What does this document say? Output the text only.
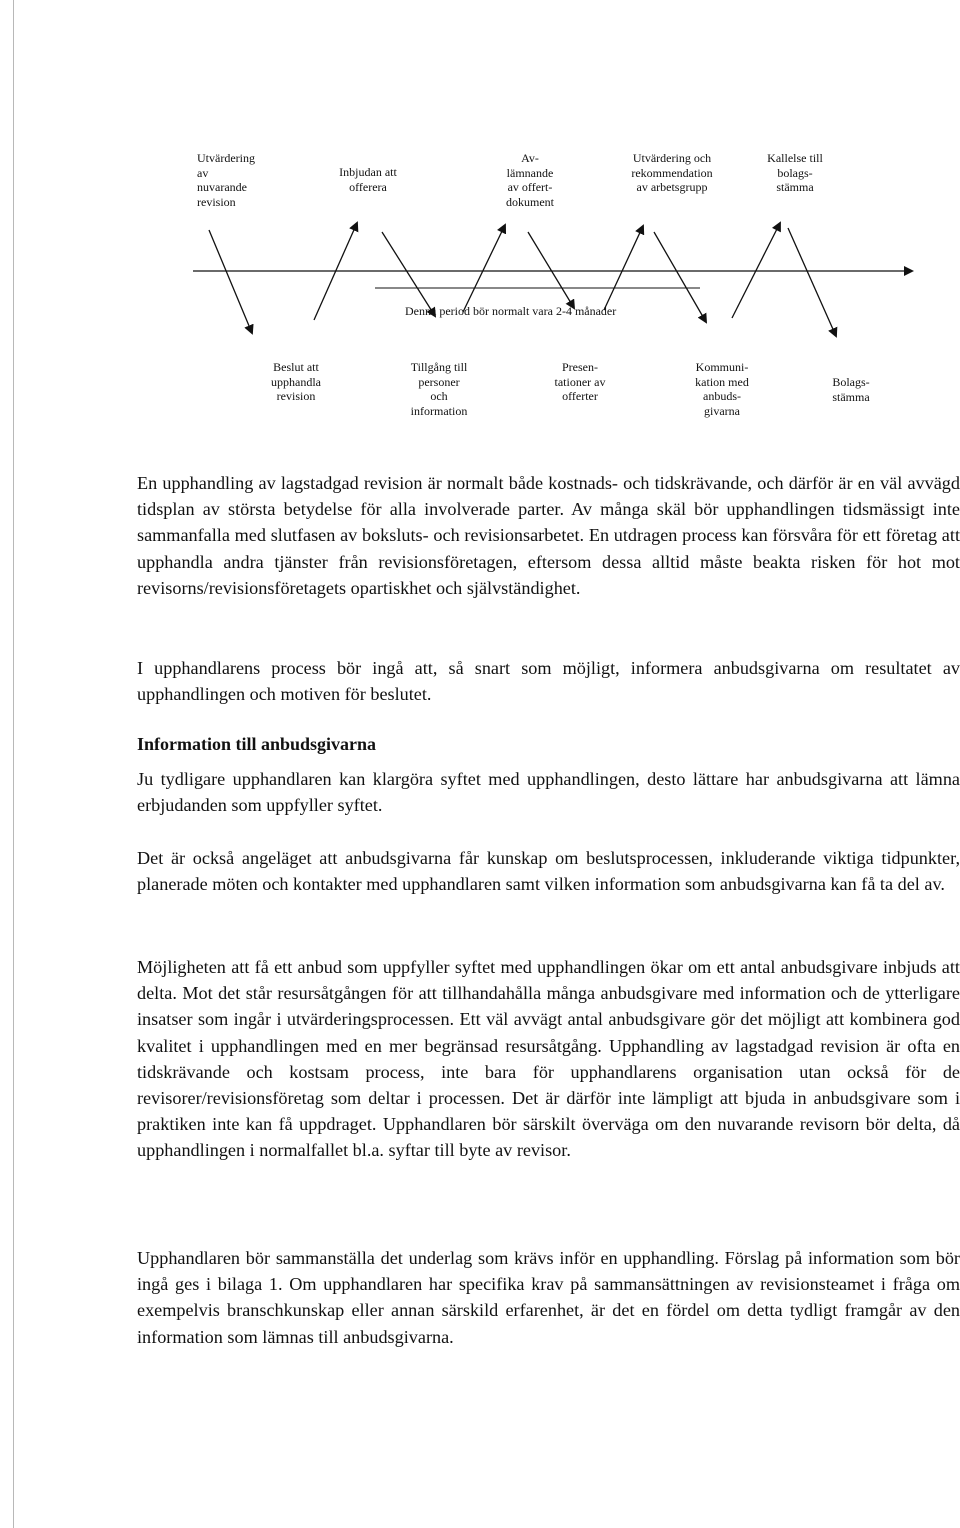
Utvärdering
av
nuvarande
revision
Inbjudan att
offerera
Av-
lämnande
av offert-
dokument
Utvärdering och
rekommendation
av arbetsgrupp
Kallelse till
bolags-
stämma
Denna period bör normalt vara 2-4 månader
Beslut att
upphandla
revision
Tillgång till
personer
och
information
Presen-
tationer av
offerter
Kommuni-
kation med
anbuds-
givarna
Bolags-
stämma

En upphandling av lagstadgad revision är normalt både kostnads- och tidskrävande, och därför är en väl avvägd tidsplan av största betydelse för alla involverade parter. Av många skäl bör upphandlingen tidsmässigt inte sammanfalla med slutfasen av boksluts- och revisionsarbetet. En utdragen process kan försvåra för ett företag att upphandla andra tjänster från revisionsföretagen, eftersom dessa alltid måste beakta risken för hot mot revisorns/revisionsföretagets opartiskhet och självständighet.

I upphandlarens process bör ingå att, så snart som möjligt, informera anbudsgivarna om resultatet av upphandlingen och motiven för beslutet.

Information till anbudsgivarna

Ju tydligare upphandlaren kan klargöra syftet med upphandlingen, desto lättare har anbudsgivarna att lämna erbjudanden som uppfyller syftet.

Det är också angeläget att anbudsgivarna får kunskap om beslutsprocessen, inkluderande viktiga tidpunkter, planerade möten och kontakter med upphandlaren samt vilken information som anbudsgivarna kan få ta del av.

Möjligheten att få ett anbud som uppfyller syftet med upphandlingen ökar om ett antal anbudsgivare inbjuds att delta. Mot det står resursåtgången för att tillhandahålla många anbudsgivare med information och de ytterligare insatser som ingår i utvärderingsprocessen. Ett väl avvägt antal anbudsgivare gör det möjligt att kombinera god kvalitet i upphandlingen med en mer begränsad resursåtgång. Upphandling av lagstadgad revision är ofta en tidskrävande och kostsam process, inte bara för upphandlarens organisation utan också för de revisorer/revisionsföretag som deltar i processen. Det är därför inte lämpligt att bjuda in anbudsgivare som i praktiken inte kan få uppdraget. Upphandlaren bör särskilt överväga om den nuvarande revisorn bör delta, då upphandlingen i normalfallet bl.a. syftar till byte av revisor.

Upphandlaren bör sammanställa det underlag som krävs inför en upphandling. Förslag på information som bör ingå ges i bilaga 1. Om upphandlaren har specifika krav på sammansättningen av revisionsteamet i fråga om exempelvis branschkunskap eller annan särskild erfarenhet, är det en fördel om detta tydligt framgår av den information som lämnas till anbudsgivarna.
